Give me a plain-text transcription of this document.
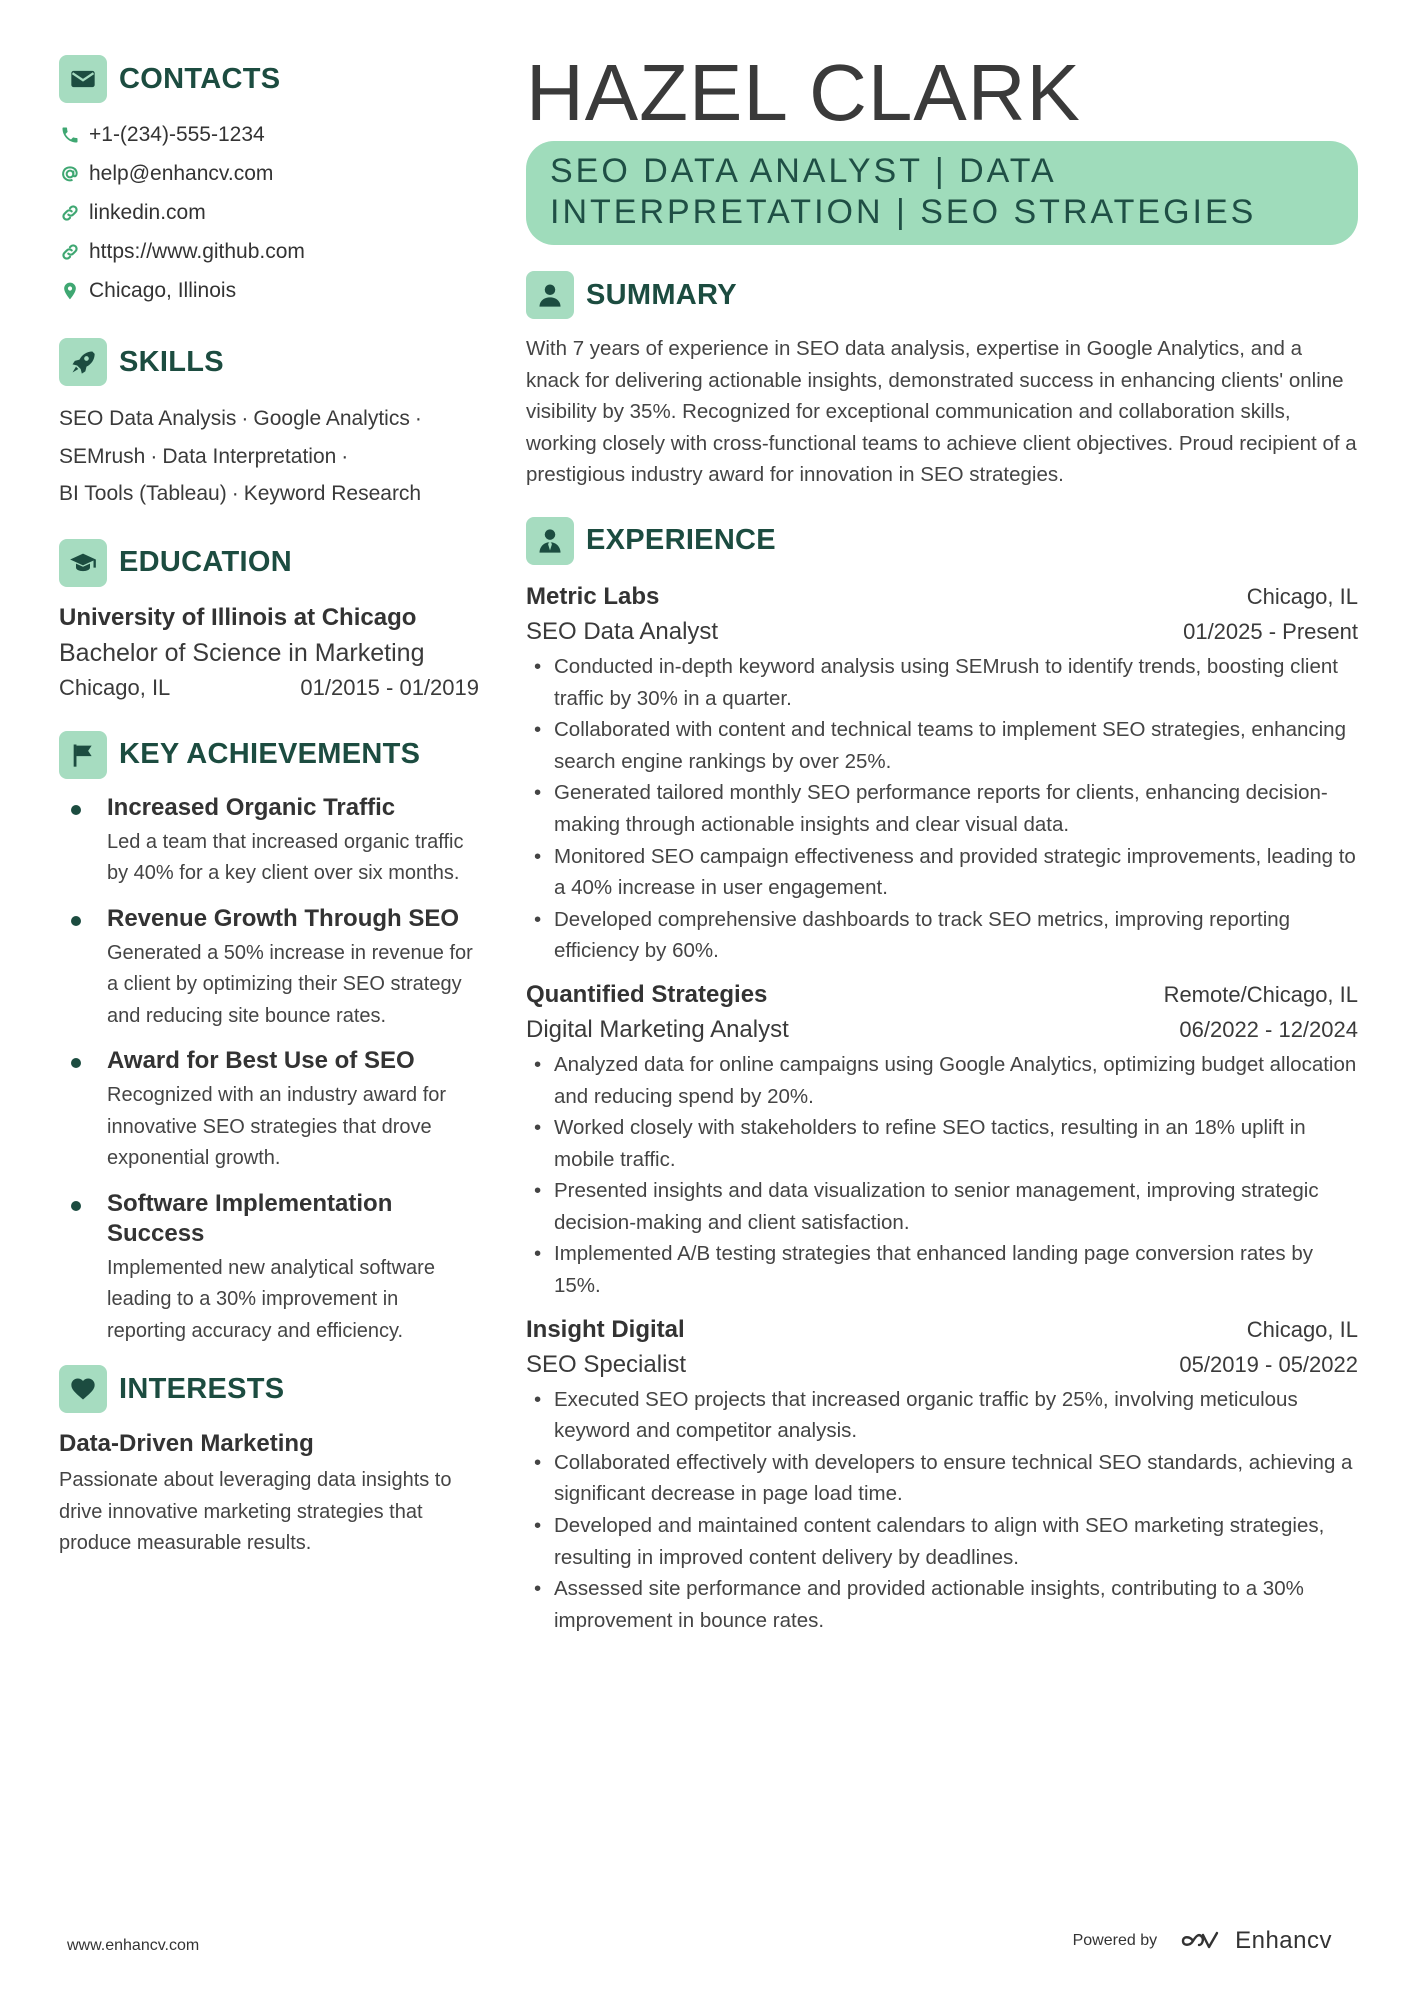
CONTACTS
+1-(234)-555-1234
help@enhancv.com
linkedin.com
https://www.github.com
Chicago, Illinois
SKILLS
SEO Data Analysis · Google Analytics ·
SEMrush · Data Interpretation ·
BI Tools (Tableau) · Keyword Research
EDUCATION
University of Illinois at Chicago
Bachelor of Science in Marketing
Chicago, IL	01/2015 - 01/2019
KEY ACHIEVEMENTS
Increased Organic Traffic
Led a team that increased organic traffic by 40% for a key client over six months.
Revenue Growth Through SEO
Generated a 50% increase in revenue for a client by optimizing their SEO strategy and reducing site bounce rates.
Award for Best Use of SEO
Recognized with an industry award for innovative SEO strategies that drove exponential growth.
Software Implementation Success
Implemented new analytical software leading to a 30% improvement in reporting accuracy and efficiency.
INTERESTS
Data-Driven Marketing
Passionate about leveraging data insights to drive innovative marketing strategies that produce measurable results.
HAZEL CLARK
SEO DATA ANALYST | DATA
INTERPRETATION | SEO STRATEGIES
SUMMARY
With 7 years of experience in SEO data analysis, expertise in Google Analytics, and a knack for delivering actionable insights, demonstrated success in enhancing clients' online visibility by 35%. Recognized for exceptional communication and collaboration skills, working closely with cross-functional teams to achieve client objectives. Proud recipient of a prestigious industry award for innovation in SEO strategies.
EXPERIENCE
Metric Labs	Chicago, IL
SEO Data Analyst	01/2025 - Present
• Conducted in-depth keyword analysis using SEMrush to identify trends, boosting client traffic by 30% in a quarter.
• Collaborated with content and technical teams to implement SEO strategies, enhancing search engine rankings by over 25%.
• Generated tailored monthly SEO performance reports for clients, enhancing decision-making through actionable insights and clear visual data.
• Monitored SEO campaign effectiveness and provided strategic improvements, leading to a 40% increase in user engagement.
• Developed comprehensive dashboards to track SEO metrics, improving reporting efficiency by 60%.
Quantified Strategies	Remote/Chicago, IL
Digital Marketing Analyst	06/2022 - 12/2024
• Analyzed data for online campaigns using Google Analytics, optimizing budget allocation and reducing spend by 20%.
• Worked closely with stakeholders to refine SEO tactics, resulting in an 18% uplift in mobile traffic.
• Presented insights and data visualization to senior management, improving strategic decision-making and client satisfaction.
• Implemented A/B testing strategies that enhanced landing page conversion rates by 15%.
Insight Digital	Chicago, IL
SEO Specialist	05/2019 - 05/2022
• Executed SEO projects that increased organic traffic by 25%, involving meticulous keyword and competitor analysis.
• Collaborated effectively with developers to ensure technical SEO standards, achieving a significant decrease in page load time.
• Developed and maintained content calendars to align with SEO marketing strategies, resulting in improved content delivery by deadlines.
• Assessed site performance and provided actionable insights, contributing to a 30% improvement in bounce rates.
www.enhancv.com	Powered by	Enhancv
